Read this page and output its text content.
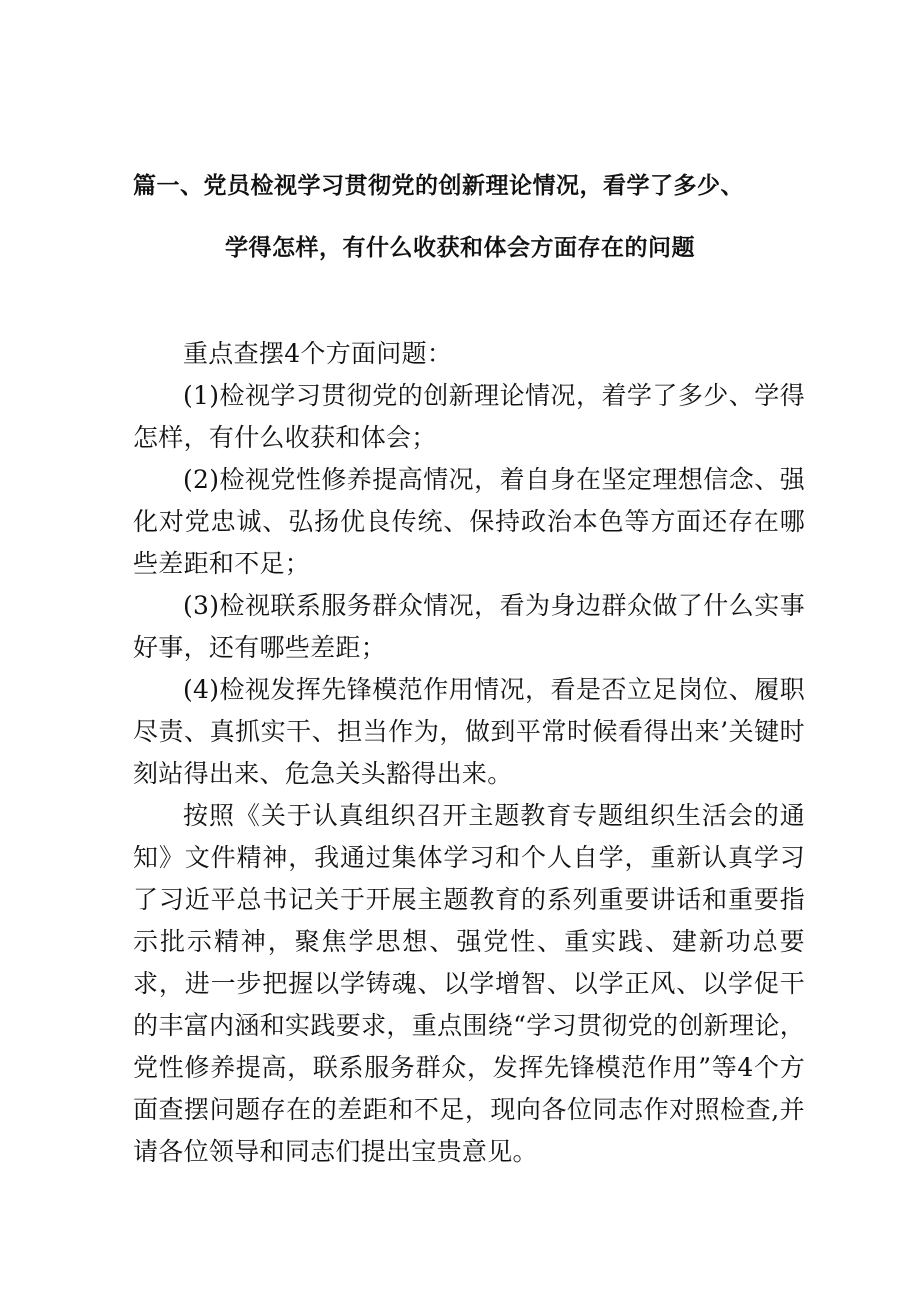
篇一、党员检视学习贯彻党的创新理论情况，看学了多少、
学得怎样，有什么收获和体会方面存在的问题

重点查摆4个方面问题：

(1)检视学习贯彻党的创新理论情况，着学了多少、学得怎样，有什么收获和体会；

(2)检视党性修养提高情况，着自身在坚定理想信念、强化对党忠诚、弘扬优良传统、保持政治本色等方面还存在哪些差距和不足；

(3)检视联系服务群众情况，看为身边群众做了什么实事好事，还有哪些差距；

(4)检视发挥先锋模范作用情况，看是否立足岗位、履职尽责、真抓实干、担当作为，做到平常时候看得出来’关键时刻站得出来、危急关头豁得出来。

按照《关于认真组织召开主题教育专题组织生活会的通知》文件精神，我通过集体学习和个人自学，重新认真学习了习近平总书记关于开展主题教育的系列重要讲话和重要指示批示精神，聚焦学思想、强党性、重实践、建新功总要求，进一步把握以学铸魂、以学增智、以学正风、以学促干的丰富内涵和实践要求，重点围绕“学习贯彻党的创新理论，党性修养提高，联系服务群众，发挥先锋模范作用”等4个方面查摆问题存在的差距和不足，现向各位同志作对照检查,并请各位领导和同志们提出宝贵意见。
